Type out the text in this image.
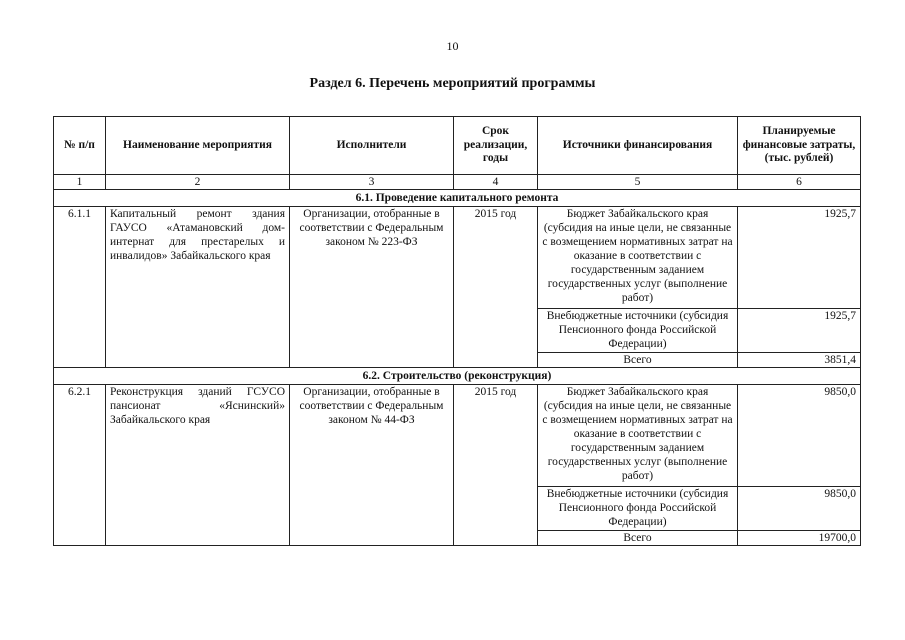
10
Раздел 6. Перечень мероприятий программы
№ п/п	Наименование мероприятия	Исполнители	Срок реализации, годы	Источники финансирования	Планируемые финансовые затраты, (тыс. рублей)
1	2	3	4	5	6
6.1. Проведение капитального ремонта					
6.1.1	Капитальный ремонт здания ГАУСО «Атамановский дом-интернат для престарелых и инвалидов» Забайкальского края	Организации, отобранные в соответствии с Федеральным законом № 223-ФЗ	2015 год	Бюджет Забайкальского края (субсидия на иные цели, не связанные с возмещением нормативных затрат на оказание в соответствии с государственным заданием государственных услуг (выполнение работ)	1925,7
				Внебюджетные источники (субсидия Пенсионного фонда Российской Федерации)	1925,7
				Всего	3851,4
6.2. Строительство (реконструкция)					
6.2.1	Реконструкция зданий ГСУСО пансионат «Яснинский» Забайкальского края	Организации, отобранные в соответствии с Федеральным законом № 44-ФЗ	2015 год	Бюджет Забайкальского края (субсидия на иные цели, не связанные с возмещением нормативных затрат на оказание в соответствии с государственным заданием государственных услуг (выполнение работ)	9850,0
				Внебюджетные источники (субсидия Пенсионного фонда Российской Федерации)	9850,0
				Всего	19700,0
